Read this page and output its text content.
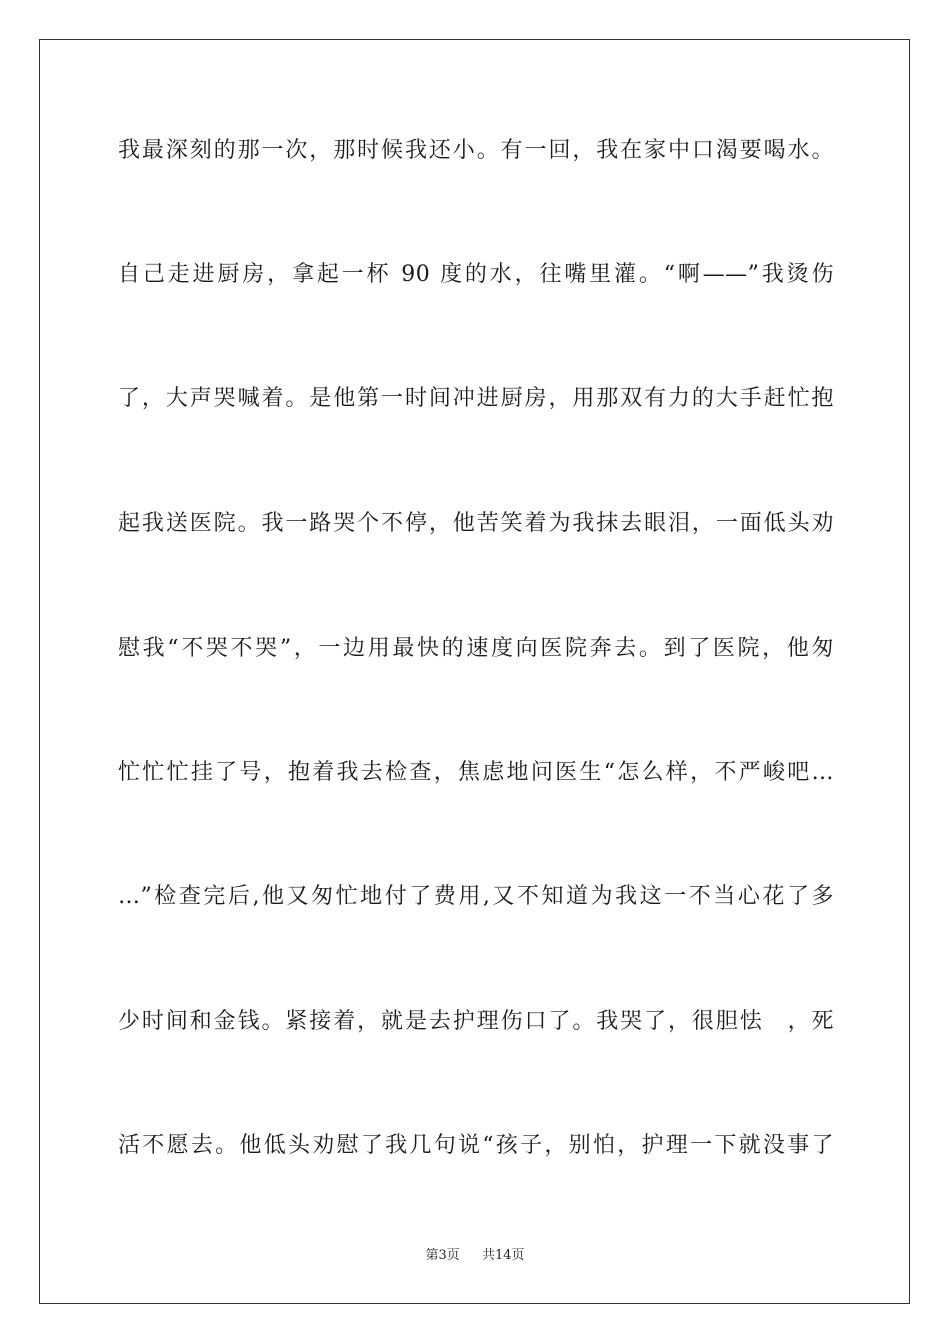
我最深刻的那一次，那时候我还小。有一回，我在家中口渴要喝水。
自己走进厨房，拿起一杯 90 度的水，往嘴里灌。“啊——”我烫伤
了，大声哭喊着。是他第一时间冲进厨房，用那双有力的大手赶忙抱
起我送医院。我一路哭个不停，他苦笑着为我抹去眼泪，一面低头劝
慰我“不哭不哭”，一边用最快的速度向医院奔去。到了医院，他匆
忙忙忙挂了号，抱着我去检查，焦虑地问医生“怎么样，不严峻吧…
…”检查完后,他又匆忙地付了费用,又不知道为我这一不当心花了多
少时间和金钱。紧接着，就是去护理伤口了。我哭了，很胆怯　，死
活不愿去。他低头劝慰了我几句说“孩子，别怕，护理一下就没事了
第3页 共14页
